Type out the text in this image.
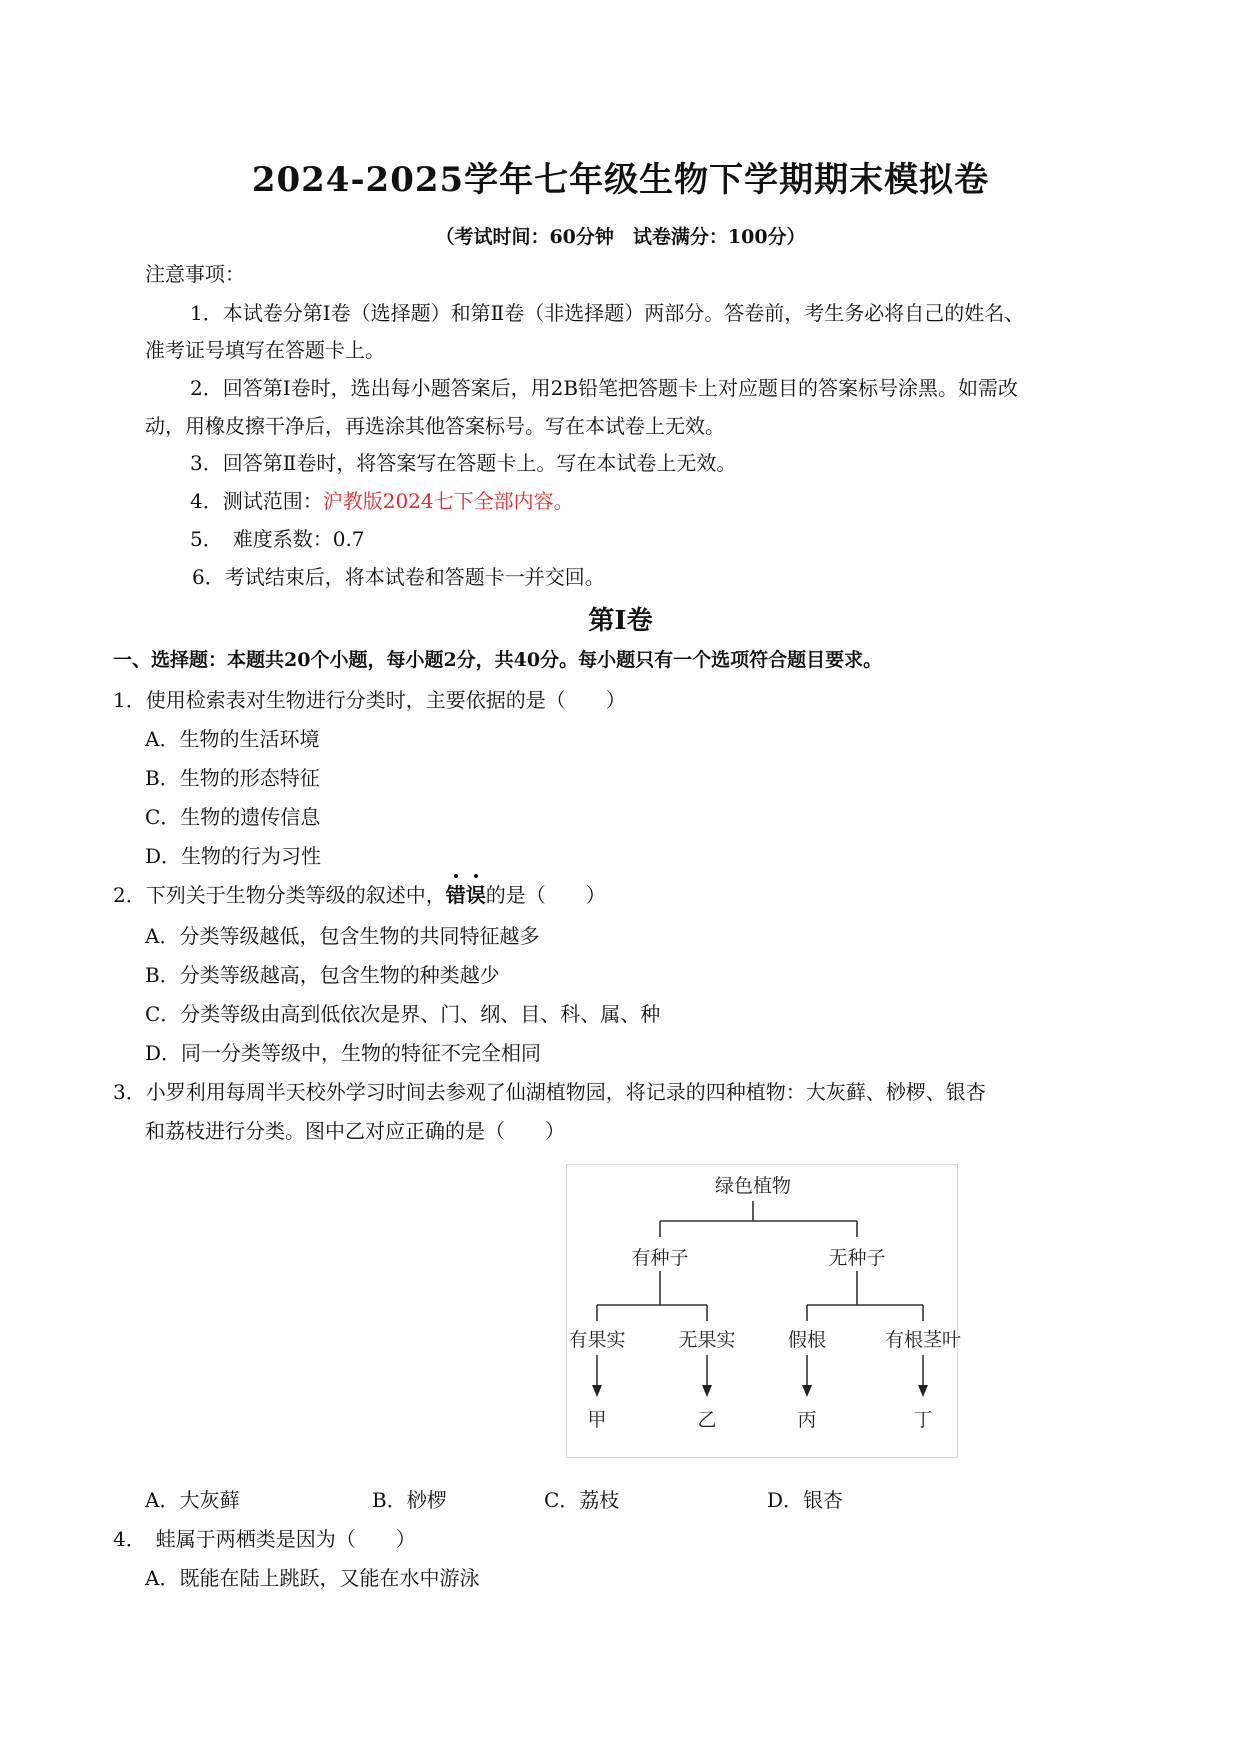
2024-2025学年七年级生物下学期期末模拟卷
（考试时间：60分钟　试卷满分：100分）
注意事项：
1．本试卷分第Ⅰ卷（选择题）和第Ⅱ卷（非选择题）两部分。答卷前，考生务必将自己的姓名、
准考证号填写在答题卡上。
2．回答第Ⅰ卷时，选出每小题答案后，用2B铅笔把答题卡上对应题目的答案标号涂黑。如需改
动，用橡皮擦干净后，再选涂其他答案标号。写在本试卷上无效。
3．回答第Ⅱ卷时，将答案写在答题卡上。写在本试卷上无效。
4．测试范围：沪教版2024七下全部内容。
5．　难度系数：0.7
6．考试结束后，将本试卷和答题卡一并交回。
第Ⅰ卷
一、选择题：本题共20个小题，每小题2分，共40分。每小题只有一个选项符合题目要求。
1．使用检索表对生物进行分类时，主要依据的是（　　）
A．生物的生活环境
B．生物的形态特征
C．生物的遗传信息
D．生物的行为习性
2．下列关于生物分类等级的叙述中，错误的是（　　）
A．分类等级越低，包含生物的共同特征越多
B．分类等级越高，包含生物的种类越少
C．分类等级由高到低依次是界、门、纲、目、科、属、种
D．同一分类等级中，生物的特征不完全相同
3．小罗利用每周半天校外学习时间去参观了仙湖植物园，将记录的四种植物：大灰藓、桫椤、银杏
和荔枝进行分类。图中乙对应正确的是（　　）
绿色植物
有种子	无种子
有果实	无果实	假根	有根茎叶
甲	乙	丙	丁
A．大灰藓	B．桫椤	C．荔枝	D．银杏
4．　蛙属于两栖类是因为（　　）
A．既能在陆上跳跃，又能在水中游泳
